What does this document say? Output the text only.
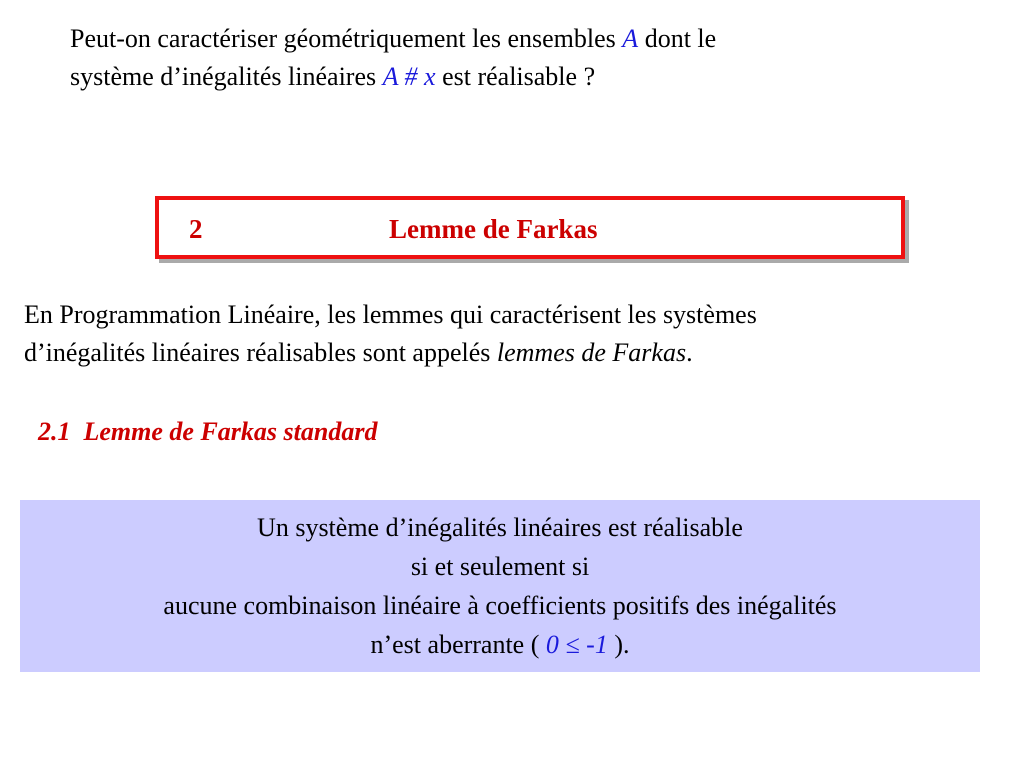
Peut-on caractériser géométriquement les ensembles A dont le
système d’inégalités linéaires A # x est réalisable ?
2	Lemme de Farkas
En Programmation Linéaire, les lemmes qui caractérisent les systèmes
d’inégalités linéaires réalisables sont appelés lemmes de Farkas.
2.1 Lemme de Farkas standard
Un système d’inégalités linéaires est réalisable
si et seulement si
aucune combinaison linéaire à coefficients positifs des inégalités
n’est aberrante ( 0 ≤ -1 ).
